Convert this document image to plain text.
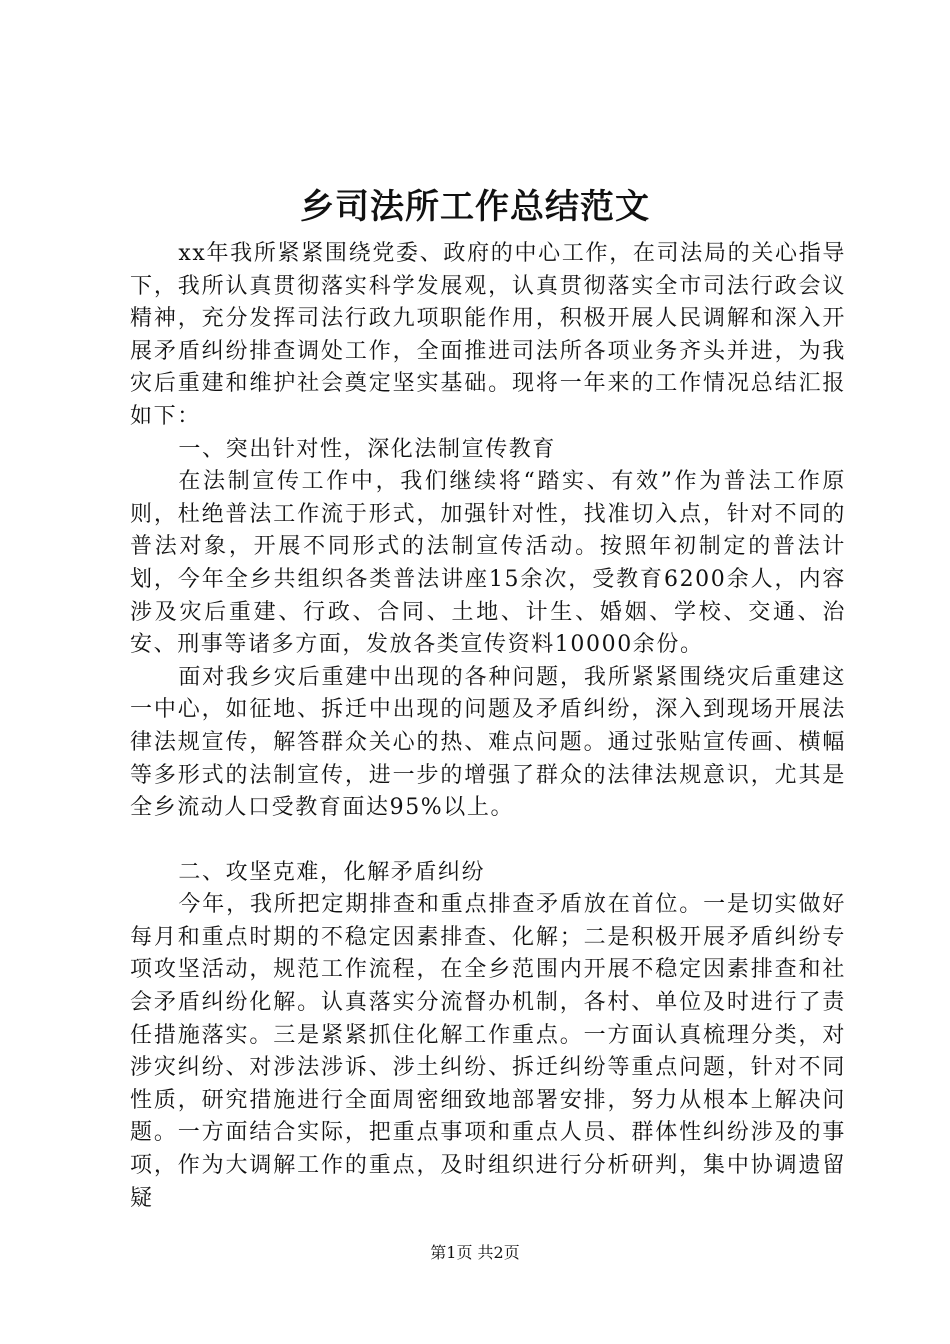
乡司法所工作总结范文

xx年我所紧紧围绕党委、政府的中心工作，在司法局的关心指导下，我所认真贯彻落实科学发展观，认真贯彻落实全市司法行政会议精神，充分发挥司法行政九项职能作用，积极开展人民调解和深入开展矛盾纠纷排查调处工作，全面推进司法所各项业务齐头并进，为我灾后重建和维护社会奠定坚实基础。现将一年来的工作情况总结汇报如下：

一、突出针对性，深化法制宣传教育

在法制宣传工作中，我们继续将“踏实、有效”作为普法工作原则，杜绝普法工作流于形式，加强针对性，找准切入点，针对不同的普法对象，开展不同形式的法制宣传活动。按照年初制定的普法计划，今年全乡共组织各类普法讲座15余次，受教育6200余人，内容涉及灾后重建、行政、合同、土地、计生、婚姻、学校、交通、治安、刑事等诸多方面，发放各类宣传资料10000余份。

面对我乡灾后重建中出现的各种问题，我所紧紧围绕灾后重建这一中心，如征地、拆迁中出现的问题及矛盾纠纷，深入到现场开展法律法规宣传，解答群众关心的热、难点问题。通过张贴宣传画、横幅等多形式的法制宣传，进一步的增强了群众的法律法规意识，尤其是全乡流动人口受教育面达95%以上。

二、攻坚克难，化解矛盾纠纷

今年，我所把定期排查和重点排查矛盾放在首位。一是切实做好每月和重点时期的不稳定因素排查、化解；二是积极开展矛盾纠纷专项攻坚活动，规范工作流程，在全乡范围内开展不稳定因素排查和社会矛盾纠纷化解。认真落实分流督办机制，各村、单位及时进行了责任措施落实。三是紧紧抓住化解工作重点。一方面认真梳理分类，对涉灾纠纷、对涉法涉诉、涉土纠纷、拆迁纠纷等重点问题，针对不同性质，研究措施进行全面周密细致地部署安排，努力从根本上解决问题。一方面结合实际，把重点事项和重点人员、群体性纠纷涉及的事项，作为大调解工作的重点，及时组织进行分析研判，集中协调遗留疑

第1页 共2页
